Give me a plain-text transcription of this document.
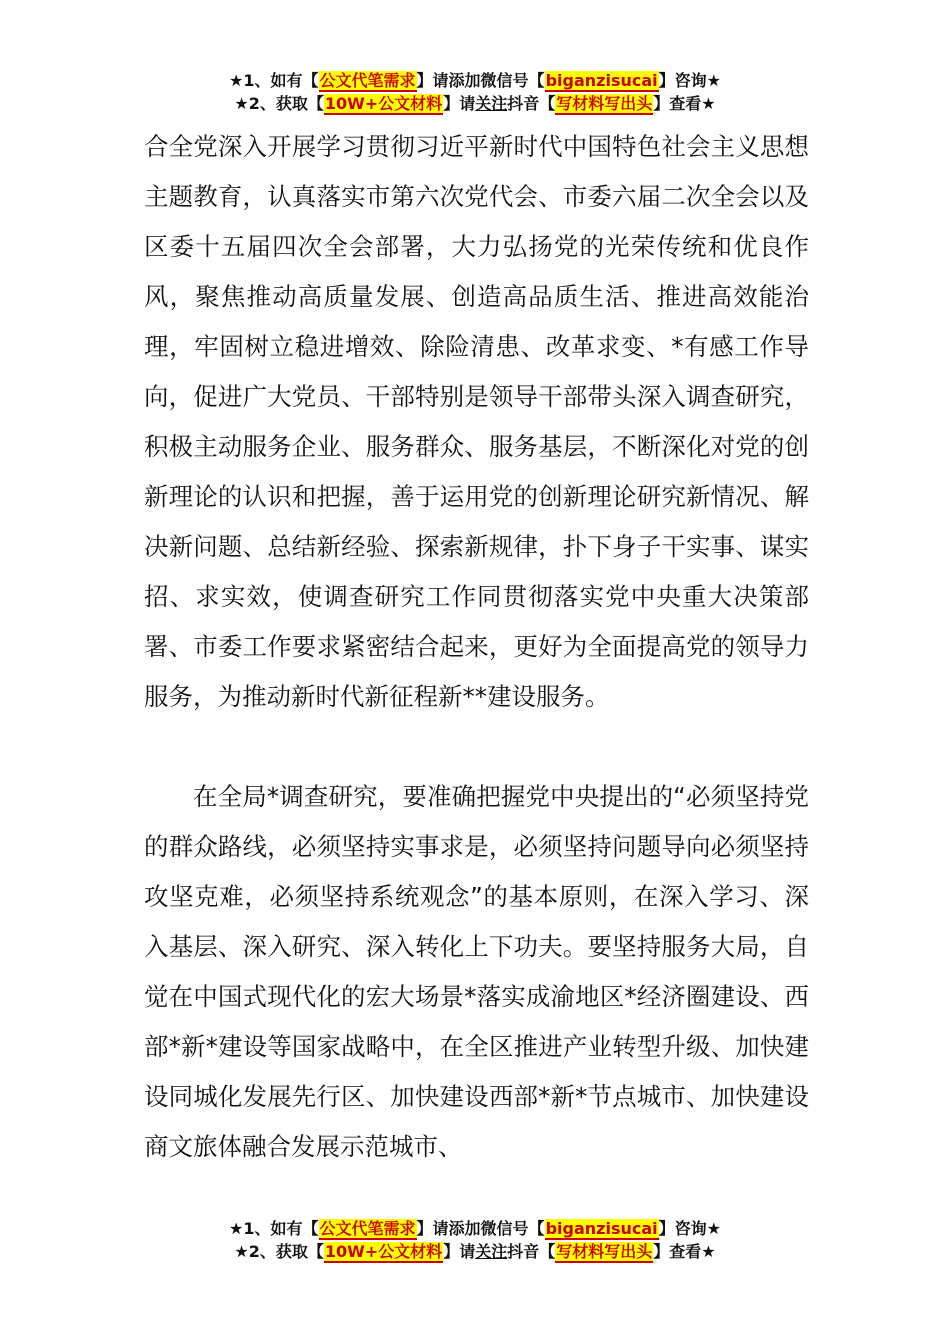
★1、如有【公文代笔需求】请添加微信号【biganzisucai】咨询★
★2、获取【10W+公文材料】请关注抖音【写材料写出头】查看★

合全党深入开展学习贯彻习近平新时代中国特色社会主义思想主题教育，认真落实市第六次党代会、市委六届二次全会以及区委十五届四次全会部署，大力弘扬党的光荣传统和优良作风，聚焦推动高质量发展、创造高品质生活、推进高效能治理，牢固树立稳进增效、除险清患、改革求变、*有感工作导向，促进广大党员、干部特别是领导干部带头深入调查研究，积极主动服务企业、服务群众、服务基层，不断深化对党的创新理论的认识和把握，善于运用党的创新理论研究新情况、解决新问题、总结新经验、探索新规律，扑下身子干实事、谋实招、求实效，使调查研究工作同贯彻落实党中央重大决策部署、市委工作要求紧密结合起来，更好为全面提高党的领导力服务，为推动新时代新征程新**建设服务。

在全局*调查研究，要准确把握党中央提出的“必须坚持党的群众路线，必须坚持实事求是，必须坚持问题导向必须坚持攻坚克难，必须坚持系统观念”的基本原则，在深入学习、深入基层、深入研究、深入转化上下功夫。要坚持服务大局，自觉在中国式现代化的宏大场景*落实成渝地区*经济圈建设、西部*新*建设等国家战略中，在全区推进产业转型升级、加快建设同城化发展先行区、加快建设西部*新*节点城市、加快建设商文旅体融合发展示范城市、

★1、如有【公文代笔需求】请添加微信号【biganzisucai】咨询★
★2、获取【10W+公文材料】请关注抖音【写材料写出头】查看★
